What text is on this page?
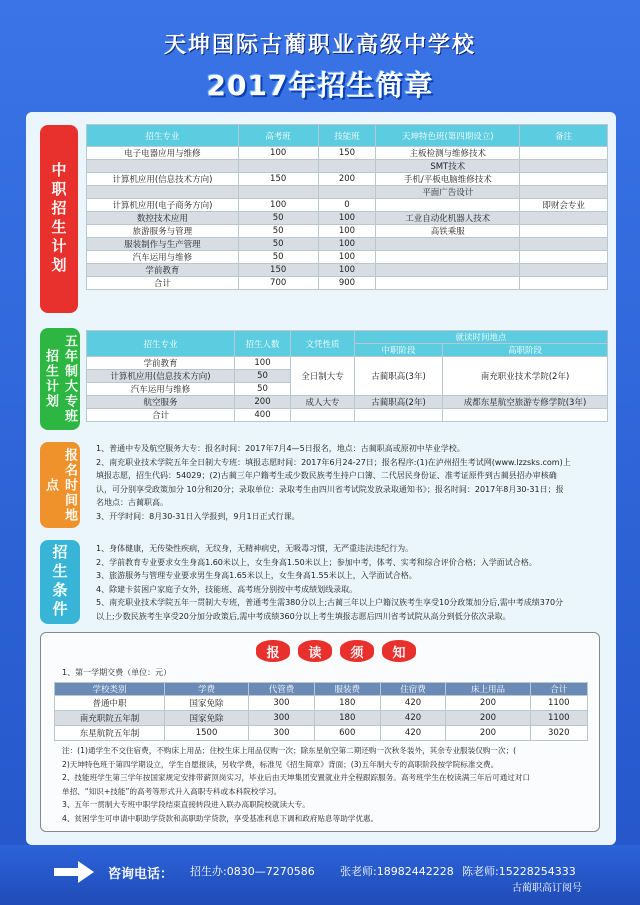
天坤国际古蔺职业高级中学校
2017年招生简章
中职招生计划
招生专业	高考班	技能班	天坤特色班(第四期设立)	备注
电子电器应用与维修	100	150	主板检测与维修技术	
			SMT技术	
计算机应用(信息技术方向)	150	200	手机/平板电脑维修技术	
			平面广告设计	
计算机应用(电子商务方向)	100	0		即财会专业
数控技术应用	50	100	工业自动化机器人技术	
旅游服务与管理	50	100	高铁乘服	
服装制作与生产管理	50	100		
汽车运用与维修	50	100		
学前教育	150	100		
合计	700	900		
五年制大专班招生计划
招生专业	招生人数	文凭性质	就读时间地点	
			中职阶段	高职阶段
学前教育	100	全日制大专	古蔺职高(3年)	南充职业技术学院(2年)
计算机应用(信息技术方向)	50			
汽车运用与维修	50			
航空服务	200	成人大专	古蔺职高(2年)	成都东星航空旅游专修学院(3年)
合计	400			
报名时间地点
1、普通中专及航空服务大专：报名时间：2017年7月4—5日报名，地点：古蔺职高或原初中毕业学校。
2、南充职业技术学院五年全日制大专班：填报志愿时间：2017年6月24-27日；报名程序:(1)在泸州招生考试网(www.lzzsks.com)上
填报志愿，招生代码：54029；(2)古蔺三年户籍考生或少数民族考生持户口簿、二代居民身份证、准考证原件到古蔺县招办审核确
认，可分别享受政策加分 10分和20分；录取单位：录取考生由四川省考试院发放录取通知书》；报名时间：2017年8月30-31日；报
名地点：古蔺职高。
3、开学时间：8月30-31日入学报到，9月1日正式行课。
招生条件	1、身体健康，无传染性疾病，无纹身，无精神病史，无吸毒习惯，无严重违法违纪行为。
2、学前教育专业要求女生身高1.60米以上，女生身高1.50米以上；参加中考，体考、实考和综合评价合格；入学面试合格。
3、旅游服务与管理专业要求男生身高1.65米以上，女生身高1.55米以上，入学面试合格。
4、除建卡贫困户家庭子女外，技能班、高考班分别按中考成绩划线录取。
5、南充职业技术学院五年一贯制大专班，普通考生需380分以上;古蔺三年以上户籍汉族考生享受10分政策加分后,需中考成绩370分
以上;少数民族考生享受20分加分政策后,需中考成绩360分以上考生填报志愿后四川省考试院从高分到低分依次录取。
报	读	须	知
1、第一学期交费（单位：元）
学校类别	学费	代管费	服装费	住宿费	床上用品	合计
普通中职	国家免除	300	180	420	200	1100
南充职院五年制	国家免除	300	180	420	200	1100
东星航院五年制	1500	300	600	420	200	3020
注：(1)通学生不交住宿费，不购床上用品；住校生床上用品仅购一次；除东星航空第二期还购一次秋冬装外，其余专业服装仅购一次；(
2)天坤特色班于第四学期设立，学生自愿报读，另收学费，标准见《招生简章》背面；(3)五年制大专的高职阶段按学院标准交费。
2、技能班学生第三学年按国家规定安排带薪顶岗实习，毕业后由天坤集团安置就业并全程跟踪服务。高考班学生在校读满三年后可通过对口
单招、“知识+技能”的高考等形式升入高职专科或本科院校学习。
3、五年一贯制大专班中职学段结束直接转段进入联办高职院校就读大专。
4、贫困学生可申请中职助学贷款和高职助学贷款，享受基准利息下调和政府贴息等助学优惠。
咨询电话： 招生办:0830—7270586 张老师:18982442228 陈老师:15228254333
古蔺职高订阅号
